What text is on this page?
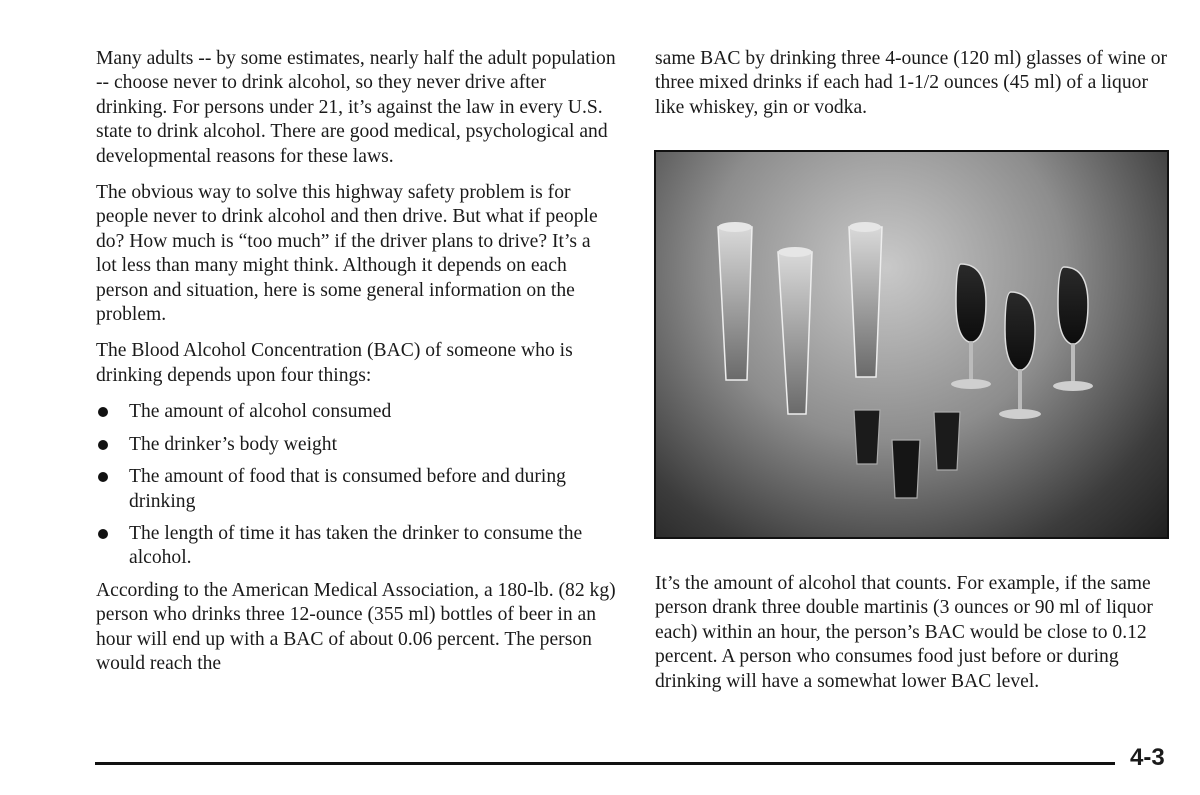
Many adults -- by some estimates, nearly half the adult population -- choose never to drink alcohol, so they never drive after drinking. For persons under 21, it’s against the law in every U.S. state to drink alcohol. There are good medical, psychological and developmental reasons for these laws.

The obvious way to solve this highway safety problem is for people never to drink alcohol and then drive. But what if people do? How much is “too much” if the driver plans to drive? It’s a lot less than many might think. Although it depends on each person and situation, here is some general information on the problem.

The Blood Alcohol Concentration (BAC) of someone who is drinking depends upon four things:

The amount of alcohol consumed
The drinker’s body weight
The amount of food that is consumed before and during drinking
The length of time it has taken the drinker to consume the alcohol.

According to the American Medical Association, a 180-lb. (82 kg) person who drinks three 12-ounce (355 ml) bottles of beer in an hour will end up with a BAC of about 0.06 percent. The person would reach the

same BAC by drinking three 4-ounce (120 ml) glasses of wine or three mixed drinks if each had 1-1/2 ounces (45 ml) of a liquor like whiskey, gin or vodka.

It’s the amount of alcohol that counts. For example, if the same person drank three double martinis (3 ounces or 90 ml of liquor each) within an hour, the person’s BAC would be close to 0.12 percent. A person who consumes food just before or during drinking will have a somewhat lower BAC level.

4-3
